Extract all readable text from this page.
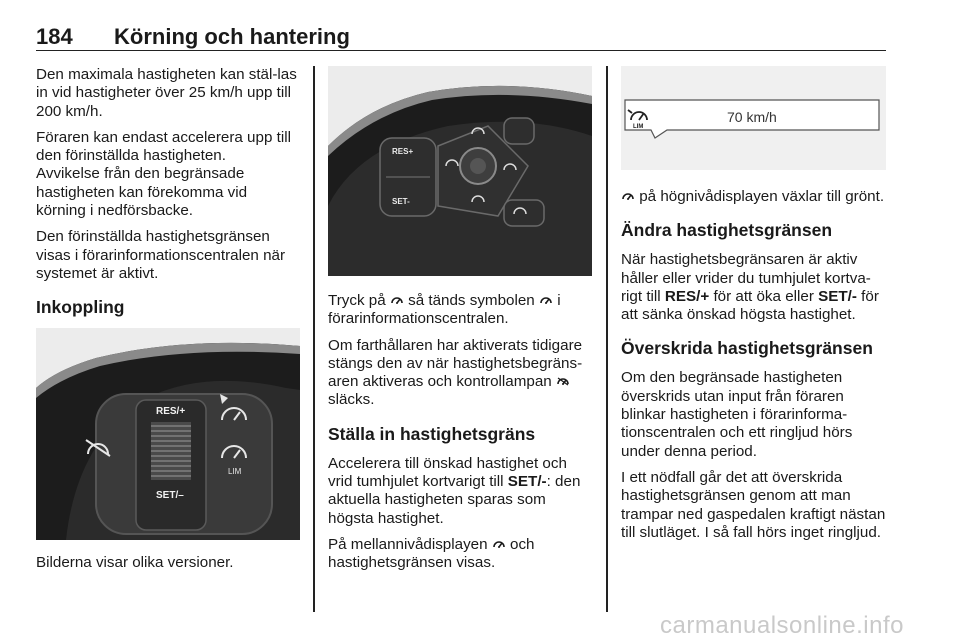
184 Körning och hantering

Den maximala hastigheten kan stäl-las in vid hastigheter över 25 km/h upp till 200 km/h.

Föraren kan endast accelerera upp till den förinställda hastigheten.

Avvikelse från den begränsade hastigheten kan förekomma vid körning i nedförsbacke.

Den förinställda hastighetsgränsen visas i förarinformationscentralen när systemet är aktivt.

Inkoppling
RES/+
SET/–
LIM

Bilderna visar olika versioner.

RES+
SET-

Tryck på  så tänds symbolen  i förarinformationscentralen.

Om farthållaren har aktiverats tidigare stängs den av när hastighetsbegräns-aren aktiveras och kontrollampan  släcks.

Ställa in hastighetsgräns

Accelerera till önskad hastighet och vrid tumhjulet kortvarigt till SET/-: den aktuella hastigheten sparas som högsta hastighet.

På mellannivådisplayen  och hastighetsgränsen visas.

LIM
70 km/h

på högnivådisplayen växlar till grönt.

Ändra hastighetsgränsen

När hastighetsbegränsaren är aktiv håller eller vrider du tumhjulet kortva-rigt till RES/+ för att öka eller SET/- för att sänka önskad högsta hastighet.

Överskrida hastighetsgränsen

Om den begränsade hastigheten överskrids utan input från föraren blinkar hastigheten i förarinforma-tionscentralen och ett ringljud hörs under denna period.

I ett nödfall går det att överskrida hastighetsgränsen genom att man trampar ned gaspedalen kraftigt nästan till slutläget. I så fall hörs inget ringljud.

carmanualsonline.info
